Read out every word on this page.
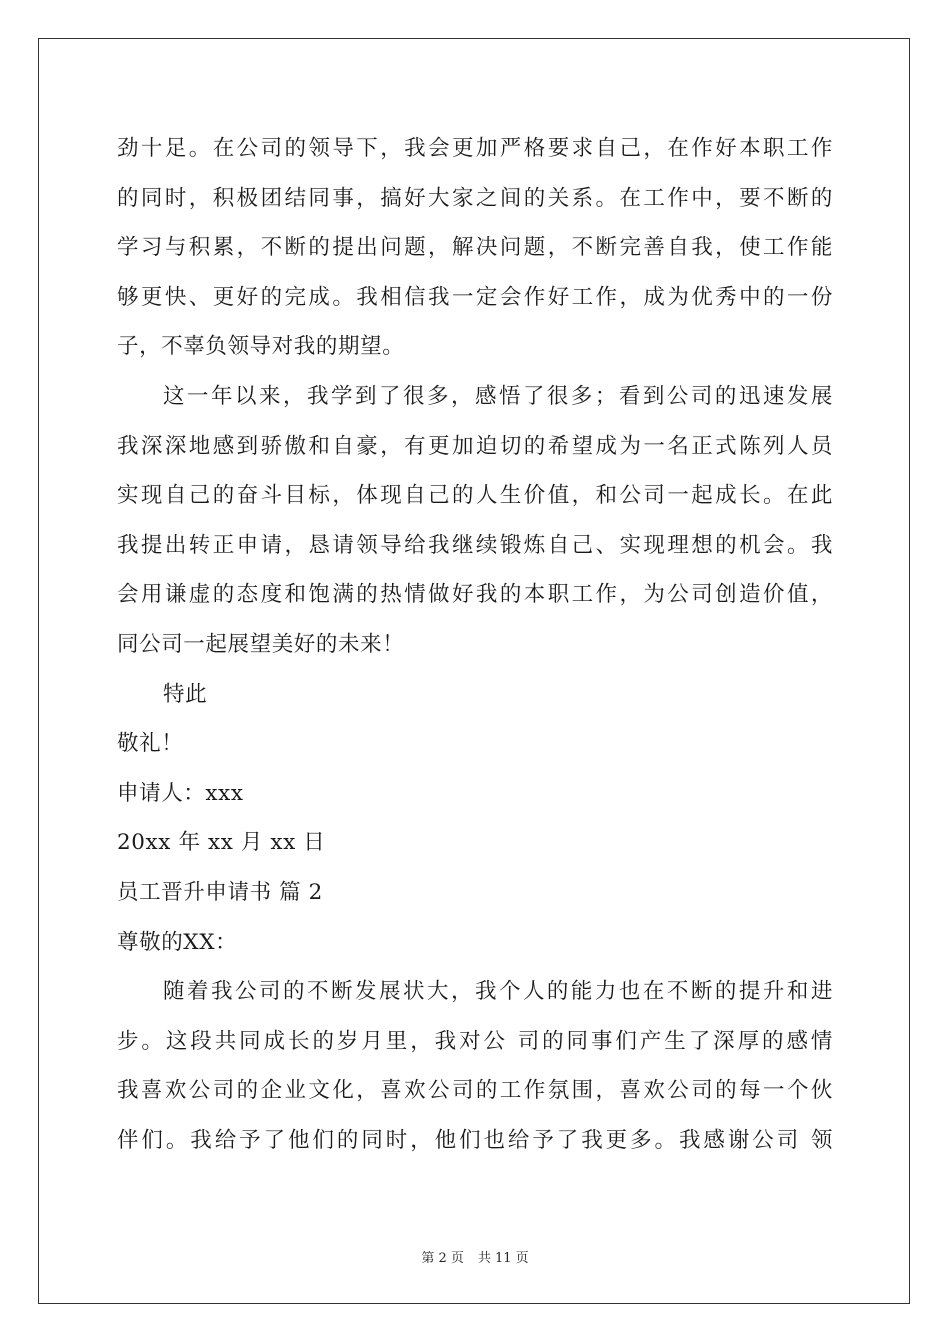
劲十足。在公司的领导下，我会更加严格要求自己，在作好本职工作
的同时，积极团结同事，搞好大家之间的关系。在工作中，要不断的
学习与积累，不断的提出问题，解决问题，不断完善自我，使工作能
够更快、更好的完成。我相信我一定会作好工作，成为优秀中的一份
子，不辜负领导对我的期望。
这一年以来，我学到了很多，感悟了很多；看到公司的迅速发展
我深深地感到骄傲和自豪，有更加迫切的希望成为一名正式陈列人员
实现自己的奋斗目标，体现自己的人生价值，和公司一起成长。在此
我提出转正申请，恳请领导给我继续锻炼自己、实现理想的机会。我
会用谦虚的态度和饱满的热情做好我的本职工作，为公司创造价值，
同公司一起展望美好的未来！
特此
敬礼！
申请人：xxx
20xx 年 xx 月 xx 日
员工晋升申请书 篇 2
尊敬的XX：
随着我公司的不断发展状大，我个人的能力也在不断的提升和进
步。这段共同成长的岁月里，我对公 司的同事们产生了深厚的感情
我喜欢公司的企业文化，喜欢公司的工作氛围，喜欢公司的每一个伙
伴们。我给予了他们的同时，他们也给予了我更多。我感谢公司 领
第 2 页 共 11 页
